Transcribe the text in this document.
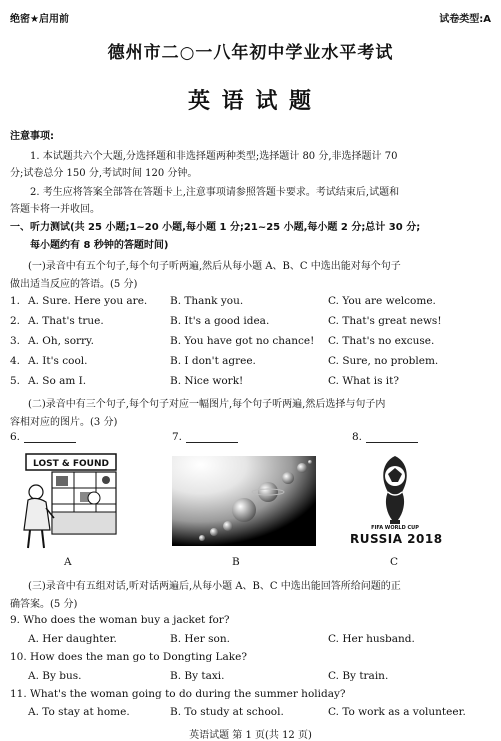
绝密★启用前	试卷类型:A
德州市二○一八年初中学业水平考试
英 语 试 题
注意事项:
1. 本试题共六个大题,分选择题和非选择题两种类型;选择题计 80 分,非选择题计 70
分;试卷总分 150 分,考试时间 120 分钟。
2. 考生应将答案全部答在答题卡上,注意事项请参照答题卡要求。考试结束后,试题和
答题卡将一并收回。
一、听力测试(共 25 小题;1~20 小题,每小题 1 分;21~25 小题,每小题 2 分;总计 30 分;
每小题约有 8 秒钟的答题时间)
(一)录音中有五个句子,每个句子听两遍,然后从每小题 A、B、C 中选出能对每个句子
做出适当反应的答语。(5 分)
1. A. Sure. Here you are. B. Thank you.	C. You are welcome.
2. A. That's true.	B. It's a good idea.	C. That's great news!
3. A. Oh, sorry.	B. You have got no chance! C. That's no excuse.
4. A. It's cool.	B. I don't agree.	C. Sure, no problem.
5. A. So am I.	B. Nice work!	C. What is it?
(二)录音中有三个句子,每个句子对应一幅图片,每个句子听两遍,然后选择与句子内
容相对应的图片。(3 分)
6.	7.	8.
LOST & FOUND
A	B
FIFA WORLD CUP
RUSSIA 2018
C
(三)录音中有五组对话,听对话两遍后,从每小题 A、B、C 中选出能回答所给问题的正
确答案。(5 分)
9. Who does the woman buy a jacket for?
A. Her daughter.	B. Her son.	C. Her husband.
10. How does the man go to Dongting Lake?
A. By bus.	B. By taxi.	C. By train.
11. What's the woman going to do during the summer holiday?
A. To stay at home.	B. To study at school.	C. To work as a volunteer.
英语试题 第 1 页(共 12 页)
